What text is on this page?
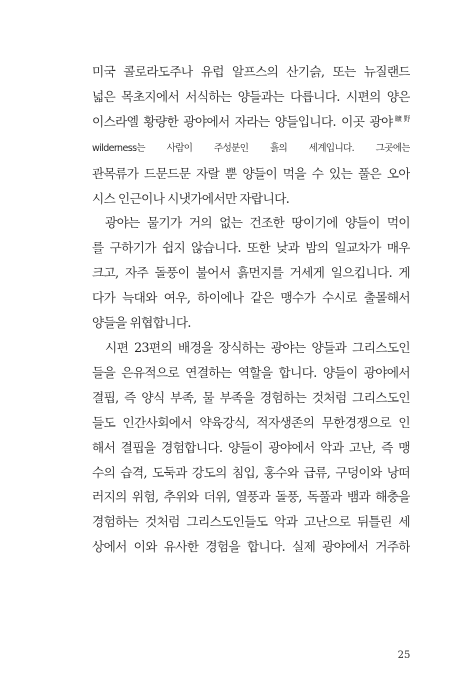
미국 콜로라도주나 유럽 알프스의 산기슭, 또는 뉴질랜드
넓은 목초지에서 서식하는 양들과는 다릅니다. 시편의 양은
이스라엘 황량한 광야에서 자라는 양들입니다. 이곳 광야$^{曠野}$
wilderness는 사람이 주성분인 흙의 세계입니다. 그곳에는
관목류가 드문드문 자랄 뿐 양들이 먹을 수 있는 풀은 오아
시스 인근이나 시냇가에서만 자랍니다.
광야는 물기가 거의 없는 건조한 땅이기에 양들이 먹이
를 구하기가 쉽지 않습니다. 또한 낮과 밤의 일교차가 매우
크고, 자주 돌풍이 불어서 흙먼지를 거세게 일으킵니다. 게
다가 늑대와 여우, 하이에나 같은 맹수가 수시로 출몰해서
양들을 위협합니다.
시편 23편의 배경을 장식하는 광야는 양들과 그리스도인
들을 은유적으로 연결하는 역할을 합니다. 양들이 광야에서
결핍, 즉 양식 부족, 물 부족을 경험하는 것처럼 그리스도인
들도 인간사회에서 약육강식, 적자생존의 무한경쟁으로 인
해서 결핍을 경험합니다. 양들이 광야에서 악과 고난, 즉 맹
수의 습격, 도둑과 강도의 침입, 홍수와 급류, 구덩이와 낭떠
러지의 위험, 추위와 더위, 열풍과 돌풍, 독풀과 뱀과 해충을
경험하는 것처럼 그리스도인들도 악과 고난으로 뒤틀린 세
상에서 이와 유사한 경험을 합니다. 실제 광야에서 거주하
25
